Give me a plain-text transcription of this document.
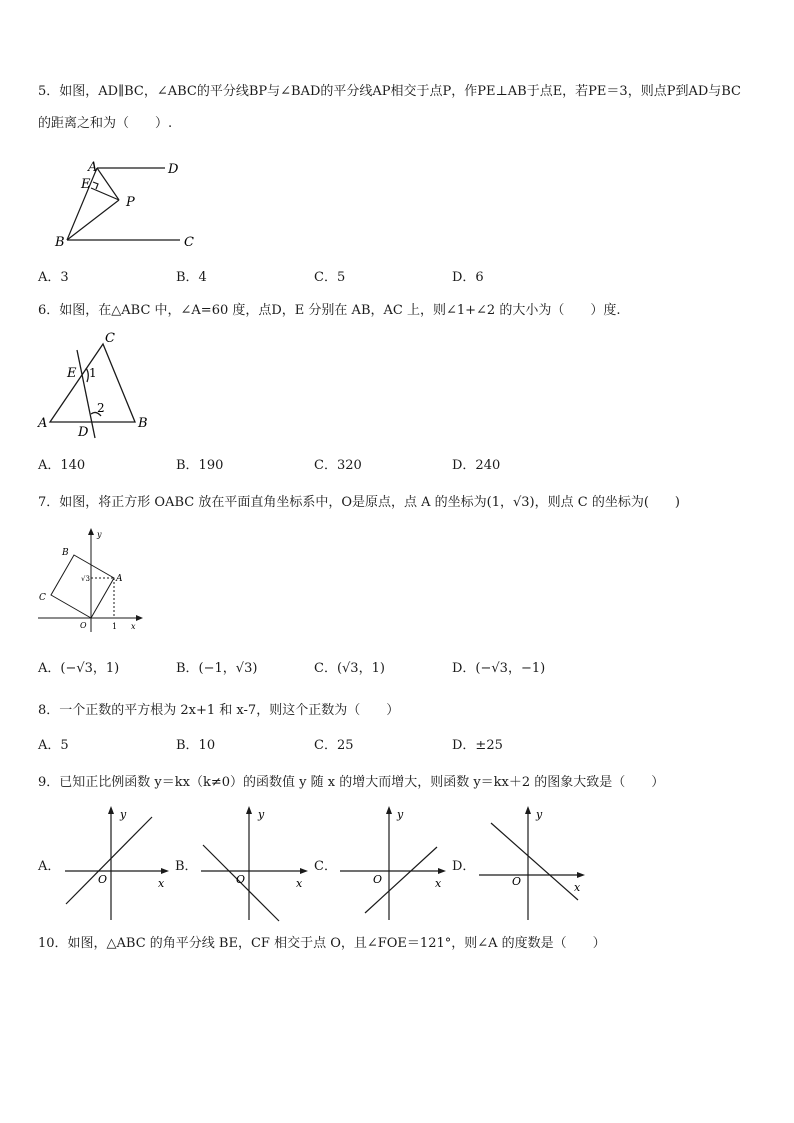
5．如图，AD∥BC，∠ABC的平分线BP与∠BAD的平分线AP相交于点P，作PE⊥AB于点E，若PE＝3，则点P到AD与BC
的距离之和为（　　）.
A	D
E
P
B	C
A．3	B．4	C．5	D．6
6．如图，在△ABC 中，∠A=60 度，点D，E 分别在 AB，AC 上，则∠1+∠2 的大小为（　　）度.
C
E 1
2
A
D
B
A．140	B．190	C．320	D．240
7．如图，将正方形 OABC 放在平面直角坐标系中，O是原点，点 A 的坐标为(1，√3)，则点 C 的坐标为(　　)
B
A
C
O
y
x
1
√3
A．(−√3，1)	B．(−1，√3)	C．(√3，1)	D．(−√3，−1)
8．一个正数的平方根为 2x+1 和 x-7，则这个正数为（　　）
A．5	B．10	C．25	D．±25
9．已知正比例函数 y＝kx（k≠0）的函数值 y 随 x 的增大而增大，则函数 y＝kx＋2 的图象大致是（　　）
A．
y
x
O
B．
y
x
O
C．
y
x
O
D．
y
x
O
10．如图，△ABC 的角平分线 BE，CF 相交于点 O，且∠FOE＝121°，则∠A 的度数是（　　）
